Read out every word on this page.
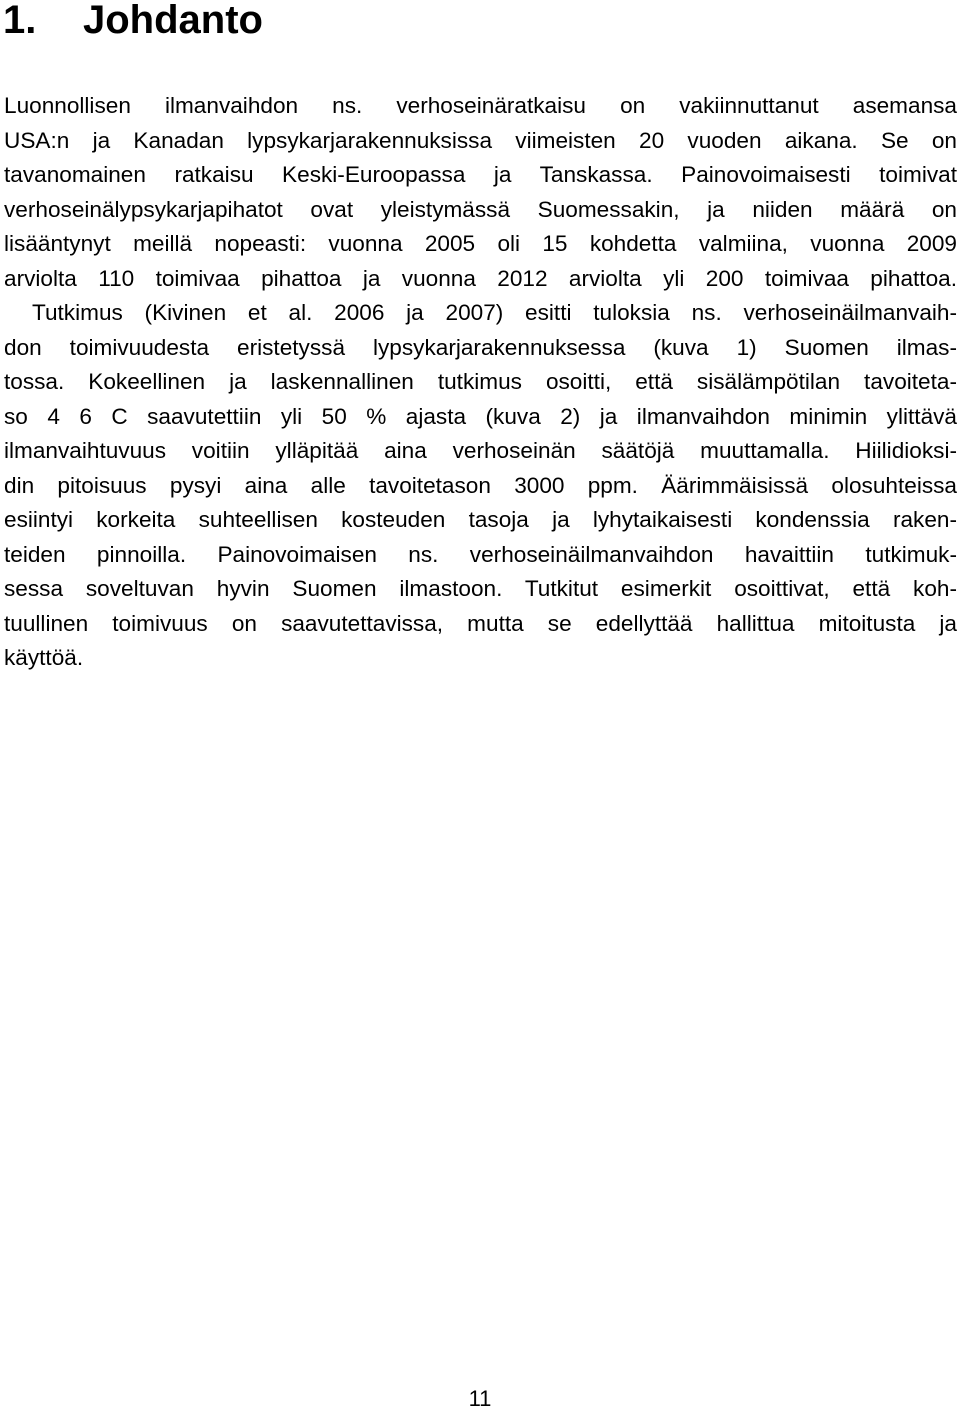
1. Johdanto
Luonnollisen ilmanvaihdon ns. verhoseinäratkaisu on vakiinnuttanut asemansa
USA:n ja Kanadan lypsykarjarakennuksissa viimeisten 20 vuoden aikana. Se on
tavanomainen ratkaisu Keski-Euroopassa ja Tanskassa. Painovoimaisesti toimivat
verhoseinälypsykarjapihatot ovat yleistymässä Suomessakin, ja niiden määrä on
lisääntynyt meillä nopeasti: vuonna 2005 oli 15 kohdetta valmiina, vuonna 2009
arviolta 110 toimivaa pihattoa ja vuonna 2012 arviolta yli 200 toimivaa pihattoa.
Tutkimus (Kivinen et al. 2006 ja 2007) esitti tuloksia ns. verhoseinäilmanvaih-
don toimivuudesta eristetyssä lypsykarjarakennuksessa (kuva 1) Suomen ilmas-
tossa. Kokeellinen ja laskennallinen tutkimus osoitti, että sisälämpötilan tavoiteta-
so 4 6 C saavutettiin yli 50 % ajasta (kuva 2) ja ilmanvaihdon minimin ylittävä
ilmanvaihtuvuus voitiin ylläpitää aina verhoseinän säätöjä muuttamalla. Hiilidioksi-
din pitoisuus pysyi aina alle tavoitetason 3000 ppm. Äärimmäisissä olosuhteissa
esiintyi korkeita suhteellisen kosteuden tasoja ja lyhytaikaisesti kondenssia raken-
teiden pinnoilla. Painovoimaisen ns. verhoseinäilmanvaihdon havaittiin tutkimuk-
sessa soveltuvan hyvin Suomen ilmastoon. Tutkitut esimerkit osoittivat, että koh-
tuullinen toimivuus on saavutettavissa, mutta se edellyttää hallittua mitoitusta ja
käyttöä.
11
